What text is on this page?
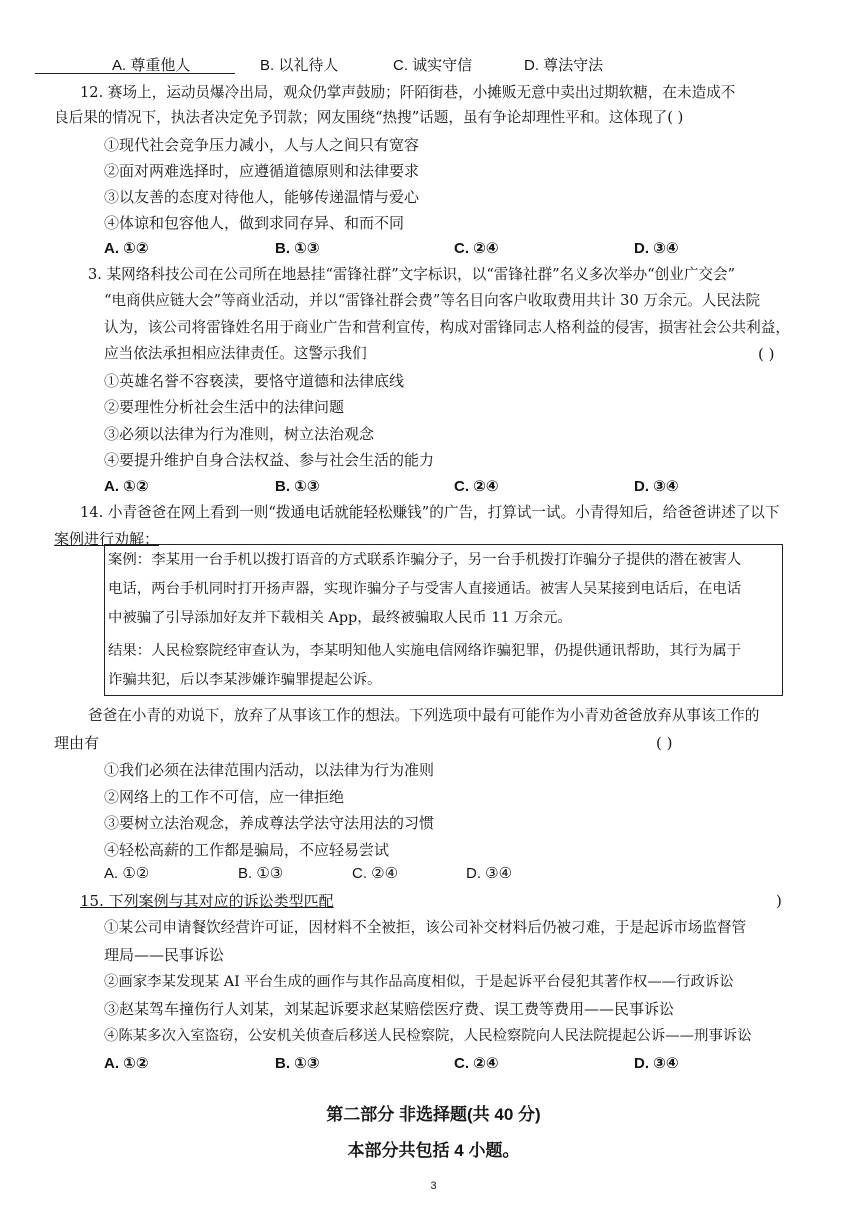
A. 尊重他人	B. 以礼待人	C. 诚实守信	D. 尊法守法
12. 赛场上，运动员爆冷出局，观众仍掌声鼓励；阡陌街巷，小摊贩无意中卖出过期软糖，在未造成不
良后果的情况下，执法者决定免予罚款；网友围绕“热搜”话题，虽有争论却理性平和。这体现了( )
①现代社会竞争压力减小，人与人之间只有宽容
②面对两难选择时，应遵循道德原则和法律要求
③以友善的态度对待他人，能够传递温情与爱心
④体谅和包容他人，做到求同存异、和而不同
A. ①②	B. ①③	C. ②④	D. ③④
3. 某网络科技公司在公司所在地悬挂“雷锋社群”文字标识，以“雷锋社群”名义多次举办“创业广交会”
“电商供应链大会”等商业活动，并以“雷锋社群会费”等名目向客户收取费用共计 30 万余元。人民法院
认为，该公司将雷锋姓名用于商业广告和营利宣传，构成对雷锋同志人格利益的侵害，损害社会公共利益，
应当依法承担相应法律责任。这警示我们	( )
①英雄名誉不容亵渎，要恪守道德和法律底线
②要理性分析社会生活中的法律问题
③必须以法律为行为准则，树立法治观念
④要提升维护自身合法权益、参与社会生活的能力
A. ①②	B. ①③	C. ②④	D. ③④
14. 小青爸爸在网上看到一则“拨通电话就能轻松赚钱”的广告，打算试一试。小青得知后，给爸爸讲述了以下
案例进行劝解：
案例：李某用一台手机以拨打语音的方式联系诈骗分子，另一台手机拨打诈骗分子提供的潜在被害人
电话，两台手机同时打开扬声器，实现诈骗分子与受害人直接通话。被害人吴某接到电话后，在电话
中被骗了引导添加好友并下载相关 App，最终被骗取人民币 11 万余元。
结果：人民检察院经审查认为，李某明知他人实施电信网络诈骗犯罪，仍提供通讯帮助，其行为属于
诈骗共犯，后以李某涉嫌诈骗罪提起公诉。
爸爸在小青的劝说下，放弃了从事该工作的想法。下列选项中最有可能作为小青劝爸爸放弃从事该工作的
理由有	( )
①我们必须在法律范围内活动，以法律为行为准则
②网络上的工作不可信，应一律拒绝
③要树立法治观念，养成尊法学法守法用法的习惯
④轻松高薪的工作都是骗局，不应轻易尝试
A. ①②	B. ①③	C. ②④	D. ③④
15. 下列案例与其对应的诉讼类型匹配	)
①某公司申请餐饮经营许可证，因材料不全被拒，该公司补交材料后仍被刁难，于是起诉市场监督管
理局——民事诉讼
②画家李某发现某 AI 平台生成的画作与其作品高度相似，于是起诉平台侵犯其著作权——行政诉讼
③赵某驾车撞伤行人刘某，刘某起诉要求赵某赔偿医疗费、误工费等费用——民事诉讼
④陈某多次入室盗窃，公安机关侦查后移送人民检察院，人民检察院向人民法院提起公诉——刑事诉讼
A. ①②	B. ①③	C. ②④	D. ③④
第二部分 非选择题(共 40 分)
本部分共包括 4 小题。
3
